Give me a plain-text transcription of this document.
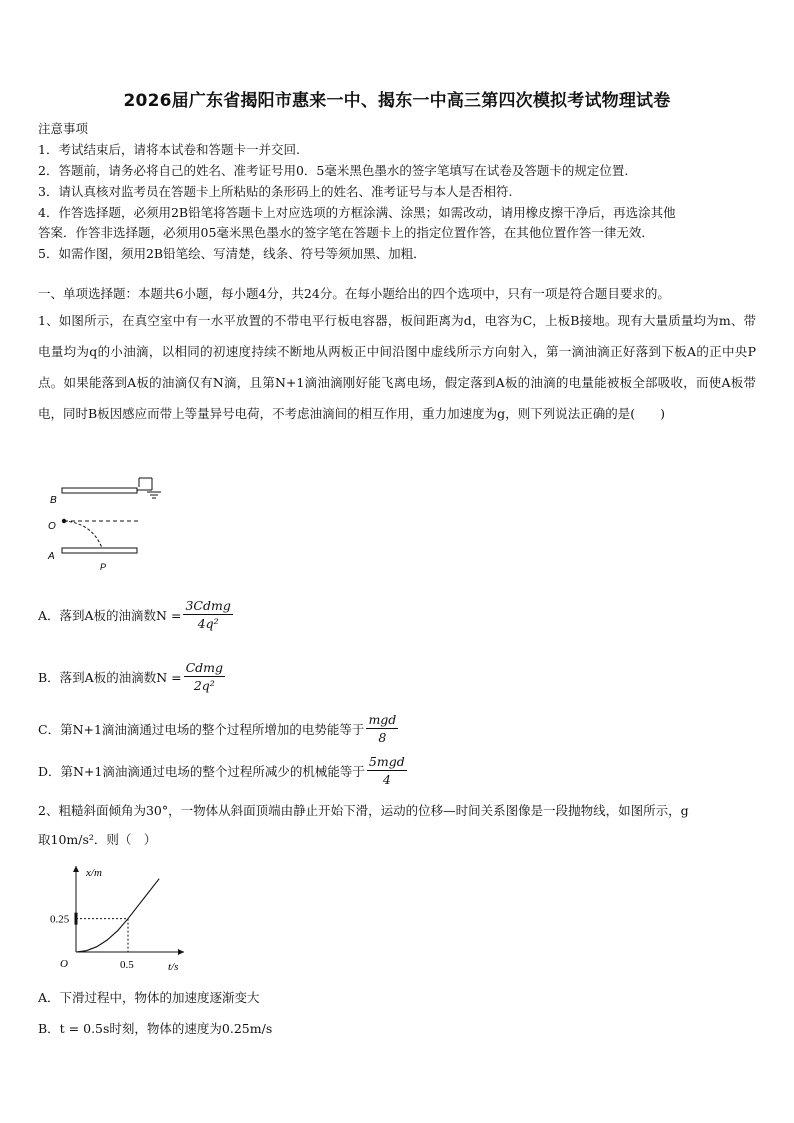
2026届广东省揭阳市惠来一中、揭东一中高三第四次模拟考试物理试卷
注意事项
1．考试结束后，请将本试卷和答题卡一并交回.
2．答题前，请务必将自己的姓名、准考证号用0．5毫米黑色墨水的签字笔填写在试卷及答题卡的规定位置.
3．请认真核对监考员在答题卡上所粘贴的条形码上的姓名、准考证号与本人是否相符.
4．作答选择题，必须用2B铅笔将答题卡上对应选项的方框涂满、涂黑；如需改动，请用橡皮擦干净后，再选涂其他
答案．作答非选择题，必须用05毫米黑色墨水的签字笔在答题卡上的指定位置作答，在其他位置作答一律无效．
5．如需作图，须用2B铅笔绘、写清楚，线条、符号等须加黑、加粗．
一、单项选择题：本题共6小题，每小题4分，共24分。在每小题给出的四个选项中，只有一项是符合题目要求的。
1、如图所示，在真空室中有一水平放置的不带电平行板电容器，板间距离为d，电容为C，上板B接地。现有大量质量均为m、带电量均为q的小油滴，以相同的初速度持续不断地从两板正中间沿图中虚线所示方向射入，第一滴油滴正好落到下板A的正中央P点。如果能落到A板的油滴仅有N滴，且第N+1滴油滴刚好能飞离电场，假定落到A板的油滴的电量能被板全部吸收，而使A板带电，同时B板因感应而带上等量异号电荷，不考虑油滴间的相互作用，重力加速度为g，则下列说法正确的是(　　)
B
O
A
P
A．落到A板的油滴数$N = \frac{\text{3Cdmg}}{\text{4q²}}$
B．落到A板的油滴数$N = \frac{\text{Cdmg}}{\text{2q²}}$
C．第N+1滴油滴通过电场的整个过程所增加的电势能等于 $\frac{\text{mgd}}{8}$
D．第N+1滴油滴通过电场的整个过程所减少的机械能等于 $\frac{\text{5mgd}}{4}$
2、粗糙斜面倾角为30°，一物体从斜面顶端由静止开始下滑，运动的位移—时间关系图像是一段抛物线，如图所示，g
取10m/s²．则（　）
O
x/m
t/s
0.25
0.5
A．下滑过程中，物体的加速度逐渐变大
B．t = 0.5s时刻，物体的速度为0.25m/s
